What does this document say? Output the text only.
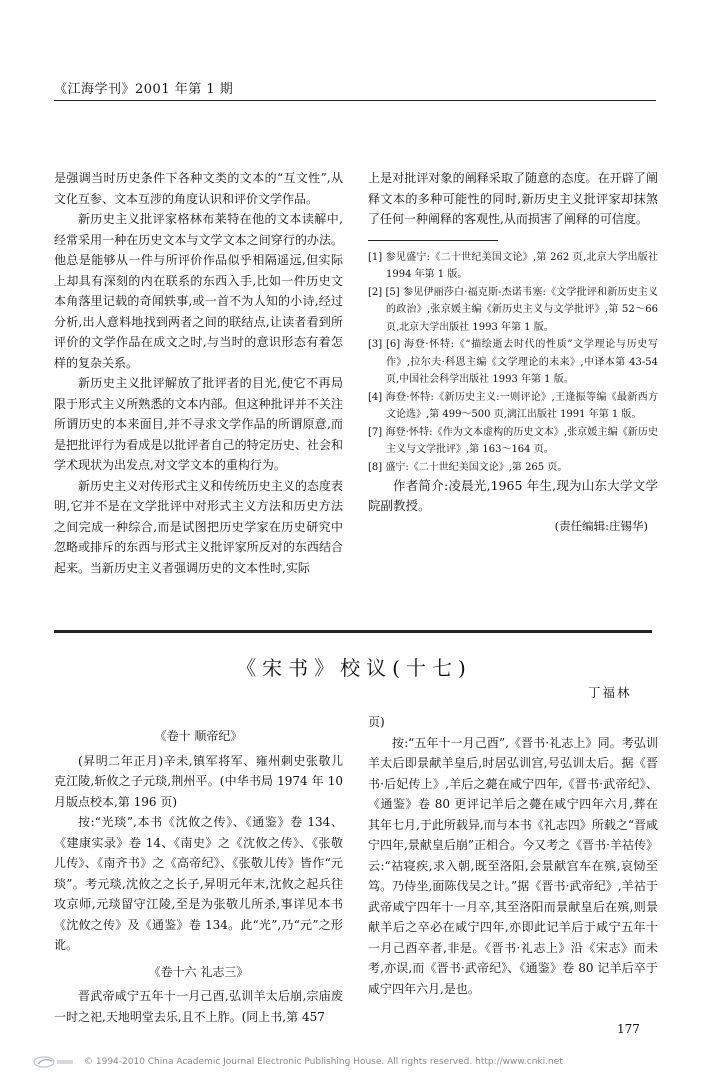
《江海学刊》2001 年第 1 期

是强调当时历史条件下各种文类的文本的“互文性”,从文化互参、文本互涉的角度认识和评价文学作品。

新历史主义批评家格林布莱特在他的文本读解中,经常采用一种在历史文本与文学文本之间穿行的办法。他总是能够从一件与所评价作品似乎相隔遥远,但实际上却具有深刻的内在联系的东西入手,比如一件历史文本角落里记载的奇闻轶事,或一首不为人知的小诗,经过分析,出人意料地找到两者之间的联结点,让读者看到所评价的文学作品在成文之时,与当时的意识形态有着怎样的复杂关系。

新历史主义批评解放了批评者的目光,使它不再局限于形式主义所熟悉的文本内部。但这种批评并不关注所谓历史的本来面目,并不寻求文学作品的所谓原意,而是把批评行为看成是以批评者自己的特定历史、社会和学术现状为出发点,对文学文本的重构行为。

新历史主义对传形式主义和传统历史主义的态度表明,它并不是在文学批评中对形式主义方法和历史方法之间完成一种综合,而是试图把历史学家在历史研究中忽略或排斥的东西与形式主义批评家所反对的东西结合起来。当新历史主义者强调历史的文本性时,实际

上是对批评对象的阐释采取了随意的态度。在开辟了阐释文本的多种可能性的同时,新历史主义批评家却抹煞了任何一种阐释的客观性,从而损害了阐释的可信度。

[1] 参见盛宁:《二十世纪美国文论》,第 262 页,北京大学出版社 1994 年第 1 版。

[2] [5] 参见伊丽莎白·福克斯-杰诺韦塞:《文学批评和新历史主义的政治》,张京媛主编《新历史主义与文学批评》,第 52～66 页,北京大学出版社 1993 年第 1 版。

[3] [6] 海登·怀特:《“描绘逝去时代的性质”文学理论与历史写作》,拉尔夫·科恩主编《文学理论的未来》,中译本第 43-54 页,中国社会科学出版社 1993 年第 1 版。

[4] 海登·怀特:《新历史主义:一则评论》,王逢振等编《最新西方文论选》,第 499～500 页,漓江出版社 1991 年第 1 版。

[7] 海登·怀特:《作为文本虚构的历史文本》,张京媛主编《新历史主义与文学批评》,第 163～164 页。

[8] 盛宁:《二十世纪美国文论》,第 265 页。

作者简介:凌晨光,1965 年生,现为山东大学文学院副教授。

(责任编辑:庄锡华)
《宋书》校议(十七)
丁福林

《卷十 顺帝纪》

(昇明二年正月)辛未,镇军将军、雍州刺史张敬儿克江陵,斩攸之子元琰,荆州平。(中华书局 1974 年 10 月版点校本,第 196 页)

按:“光琰”,本书《沈攸之传》、《通鉴》卷 134、《建康实录》卷 14、《南史》之《沈攸之传》、《张敬儿传》、《南齐书》之《高帝纪》、《张敬儿传》皆作“元琰”。考元琰,沈攸之之长子,昇明元年末,沈攸之起兵往攻京师,元琰留守江陵,至是为张敬儿所杀,事详见本书《沈攸之传》及《通鉴》卷 134。此“光”,乃“元”之形讹。

《卷十六 礼志三》

晋武帝咸宁五年十一月己酉,弘训羊太后崩,宗庙废一时之祀,天地明堂去乐,且不上胙。(同上书,第 457

页)

按:“五年十一月己酉”,《晋书·礼志上》同。考弘训羊太后即景献羊皇后,时居弘训宫,号弘训太后。据《晋书·后妃传上》,羊后之薨在咸宁四年,《晋书·武帝纪》、《通鉴》卷 80 更评记羊后之薨在咸宁四年六月,葬在其年七月,于此所载异,而与本书《礼志四》所载之“晋咸宁四年,景献皇后崩”正相合。今又考之《晋书·羊祜传》云:“祜寝疾,求入朝,既至洛阳,会景献宫车在殡,哀恸至笃。乃侍坐,面陈伐吴之计。”据《晋书·武帝纪》,羊祜于武帝咸宁四年十一月卒,其至洛阳而景献皇后在殡,则景献羊后之卒必在咸宁四年,亦即此记羊后于咸宁五年十一月己酉卒者,非是。《晋书·礼志上》沿《宋志》而未考,亦误,而《晋书·武帝纪》、《通鉴》卷 80 记羊后卒于咸宁四年六月,是也。

177
© 1994-2010 China Academic Journal Electronic Publishing House. All rights reserved. http://www.cnki.net
